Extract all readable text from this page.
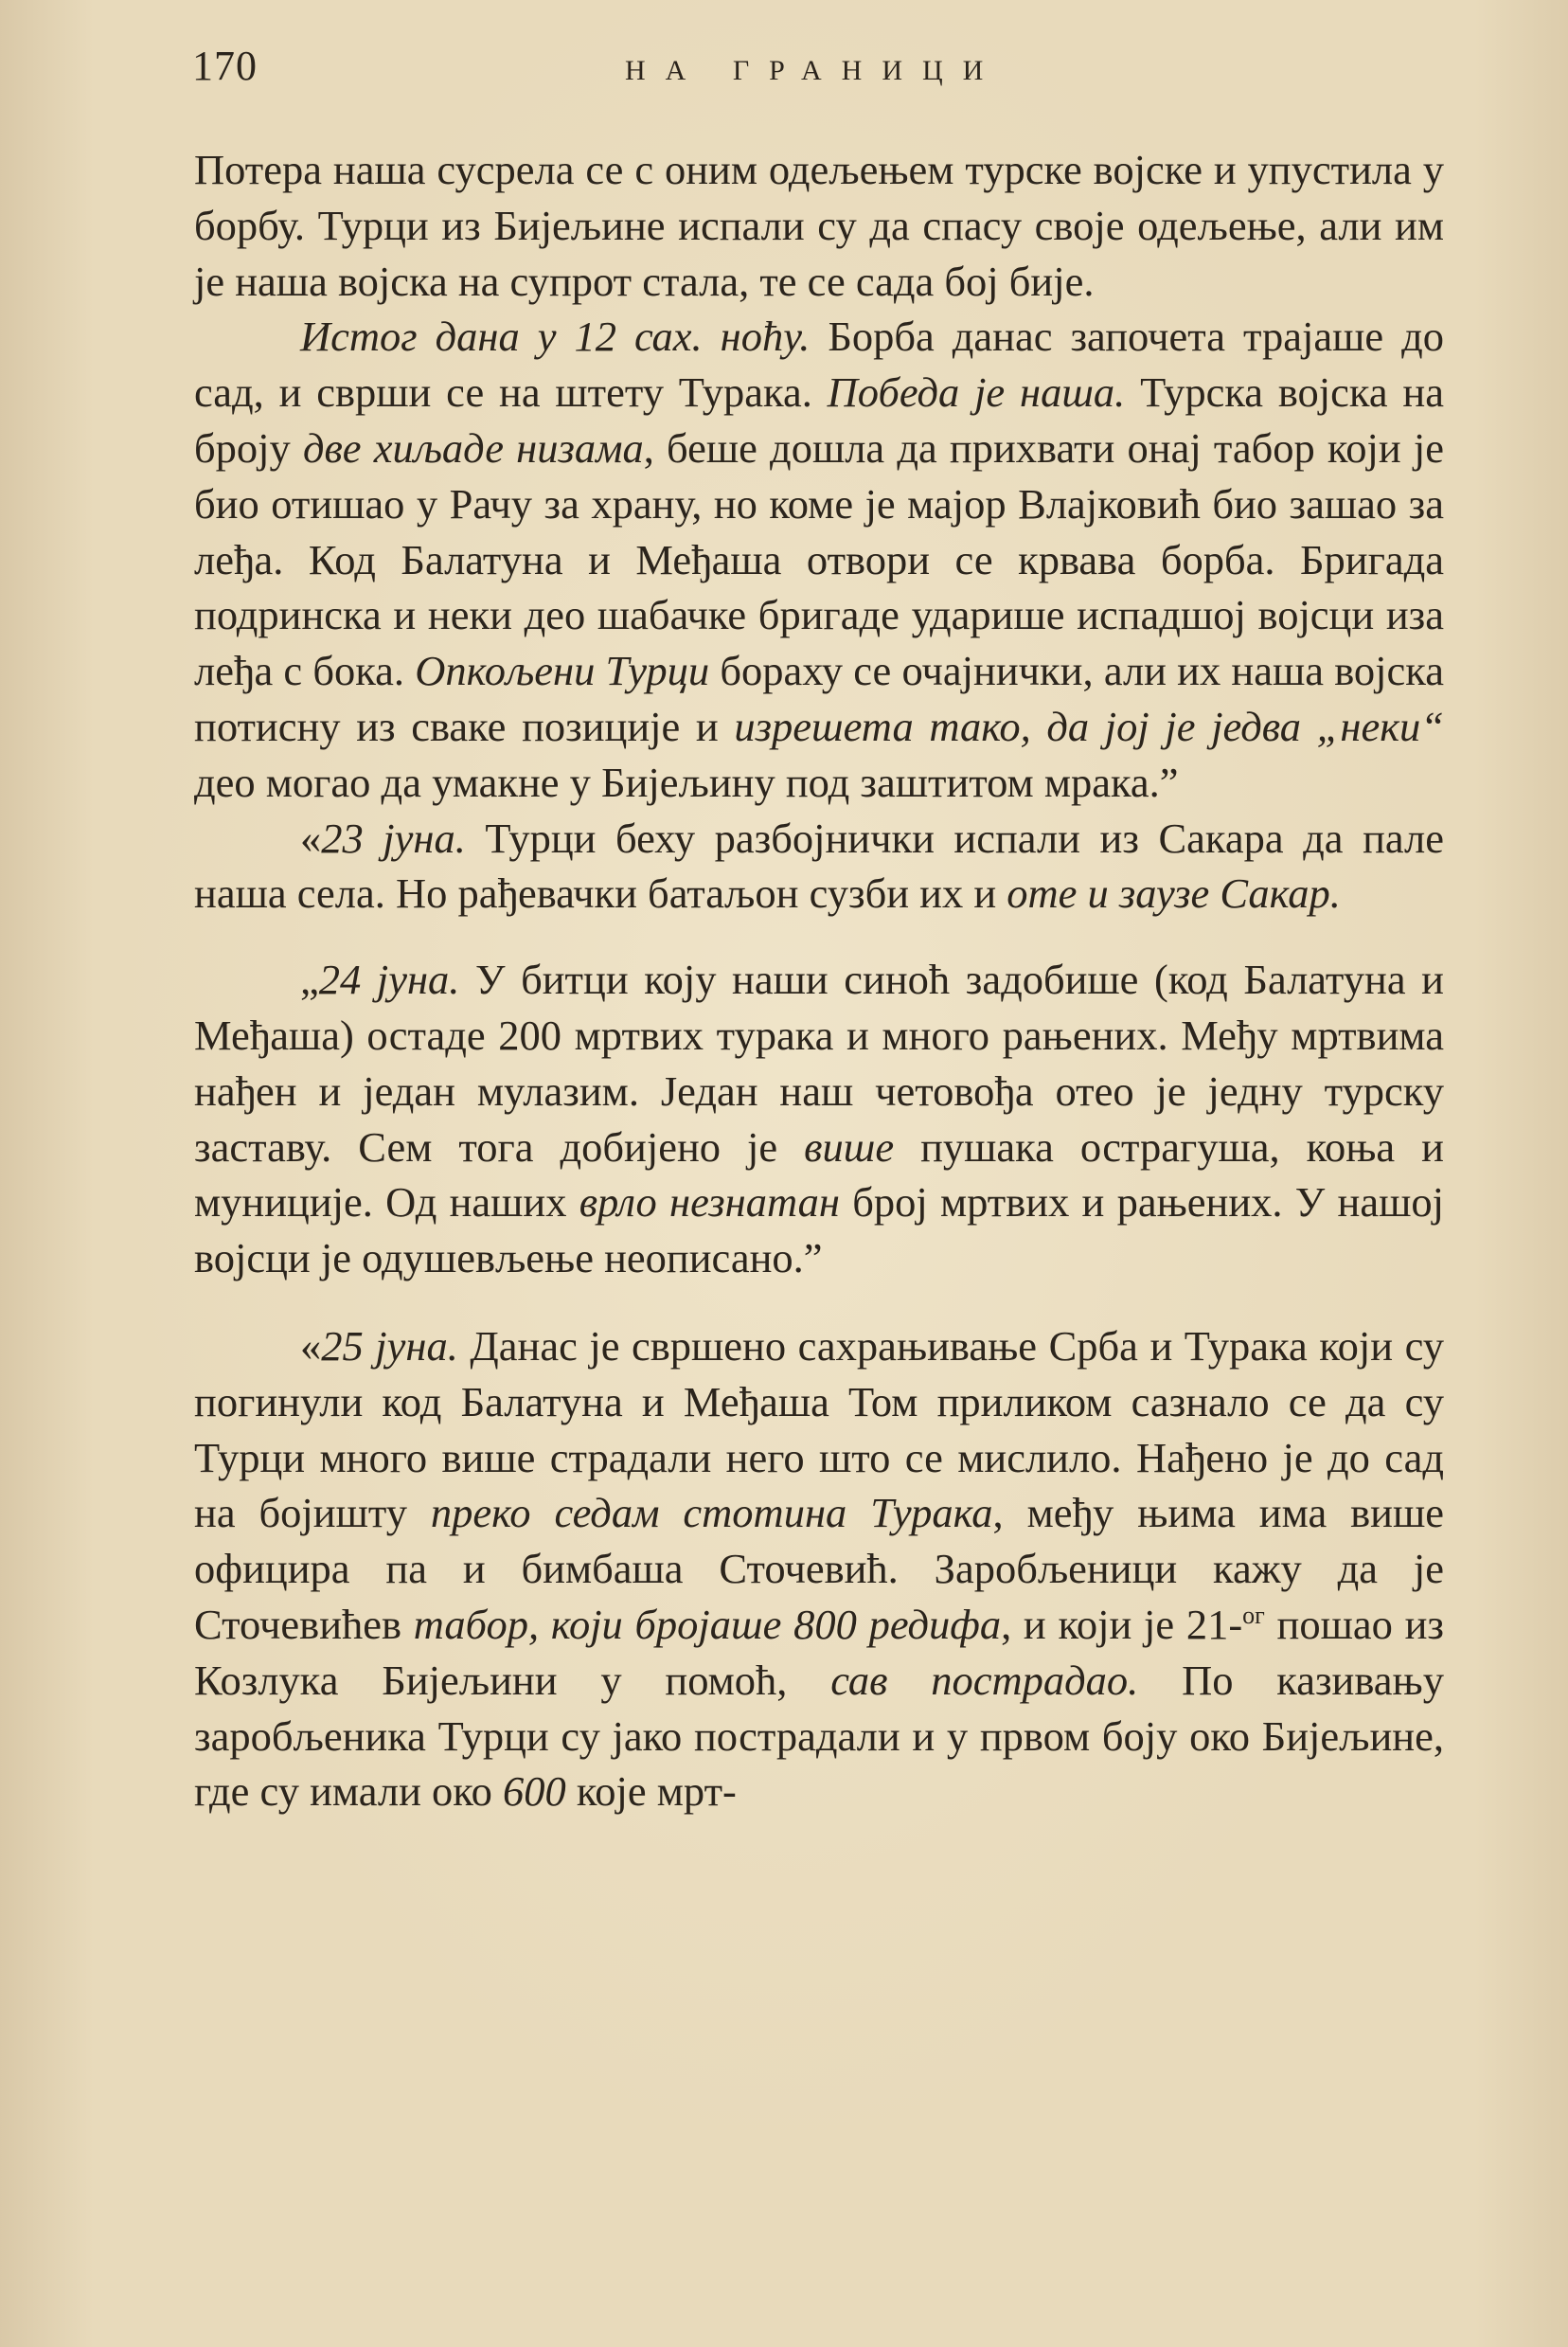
170	НА ГРАНИЦИ

Потера наша сусрела се с оним одељењем турске војске и упустила у борбу. Турци из Бијељине испали су да спасу своје одељење, али им је наша војска на супрот стала, те се сада бој бије.

Истог дана у 12 сах. ноћу. Борба данас започета трајаше до сад, и сврши се на штету Турака. Победа је наша. Турска војска на броју две хиљаде низама, беше дошла да прихвати онај табор који је био отишао у Рачу за храну, но коме је мајор Влајковић био зашао за леђа. Код Балатуна и Међаша отвори се крвава борба. Бригада подринска и неки део шабачке бригаде ударише испадшој војсци иза леђа с бока. Опкољени Турци бораху се очајнички, али их наша војска потисну из сваке позиције и изрешета тако, да јој је једва „неки“ део могао да умакне у Бијељину под заштитом мрака.”

«23 јуна. Турци беху разбојнички испали из Сакара да пале наша села. Но рађевачки батаљон сузби их и оте и заузе Сакар.

„24 јуна. У битци коју наши синоћ задобише (код Балатуна и Међаша) остаде 200 мртвих турака и много рањених. Међу мртвима нађен и један мулазим. Један наш четовођа отео је једну турску заставу. Сем тога добијено је више пушака острагуша, коња и муниције. Од наших врло незнатан број мртвих и рањених. У нашој војсци је одушевљење неописано.”

«25 јуна. Данас је свршено сахрањивање Срба и Турака који су погинули код Балатуна и Међаша Том приликом сазнало се да су Турци много више страдали него што се мислило. Нађено је до сад на бојишту преко седам стотина Турака, међу њима има више официра па и бимбаша Сточевић. Заробљеници кажу да је Сточевићев табор, који бројаше 800 редифа, и који је 21-$^{ог}$ пошао из Козлука Бијељини у помоћ, сав пострадао. По казивању заробљеника Турци су јако пострадали и у првом боју око Бијељине, где су имали око 600 које мрт-
